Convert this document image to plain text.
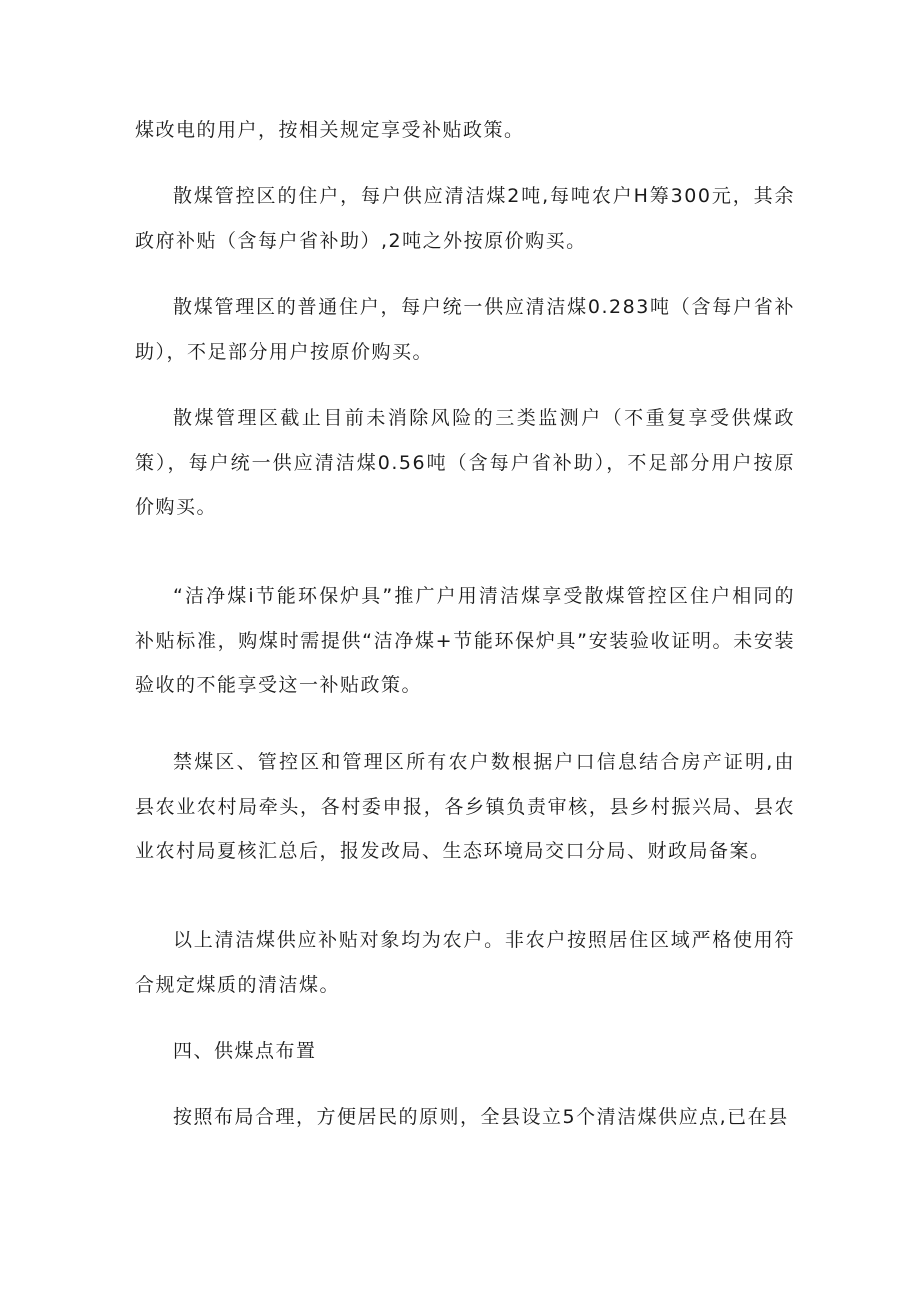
煤改电的用户，按相关规定享受补贴政策。

散煤管控区的住户，每户供应清洁煤2吨,每吨农户H筹300元，其余政府补贴（含每户省补助）,2吨之外按原价购买。

散煤管理区的普通住户，每户统一供应清洁煤0.283吨（含每户省补助），不足部分用户按原价购买。

散煤管理区截止目前未消除风险的三类监测户（不重复享受供煤政策），每户统一供应清洁煤0.56吨（含每户省补助），不足部分用户按原价购买。

“洁净煤i节能环保炉具”推广户用清洁煤享受散煤管控区住户相同的补贴标准，购煤时需提供“洁净煤+节能环保炉具”安装验收证明。未安装验收的不能享受这一补贴政策。

禁煤区、管控区和管理区所有农户数根据户口信息结合房产证明,由县农业农村局牵头，各村委申报，各乡镇负责审核，县乡村振兴局、县农业农村局夏核汇总后，报发改局、生态环境局交口分局、财政局备案。

以上清洁煤供应补贴对象均为农户。非农户按照居住区域严格使用符合规定煤质的清洁煤。

四、供煤点布置

按照布局合理，方便居民的原则，全县设立5个清洁煤供应点,已在县
